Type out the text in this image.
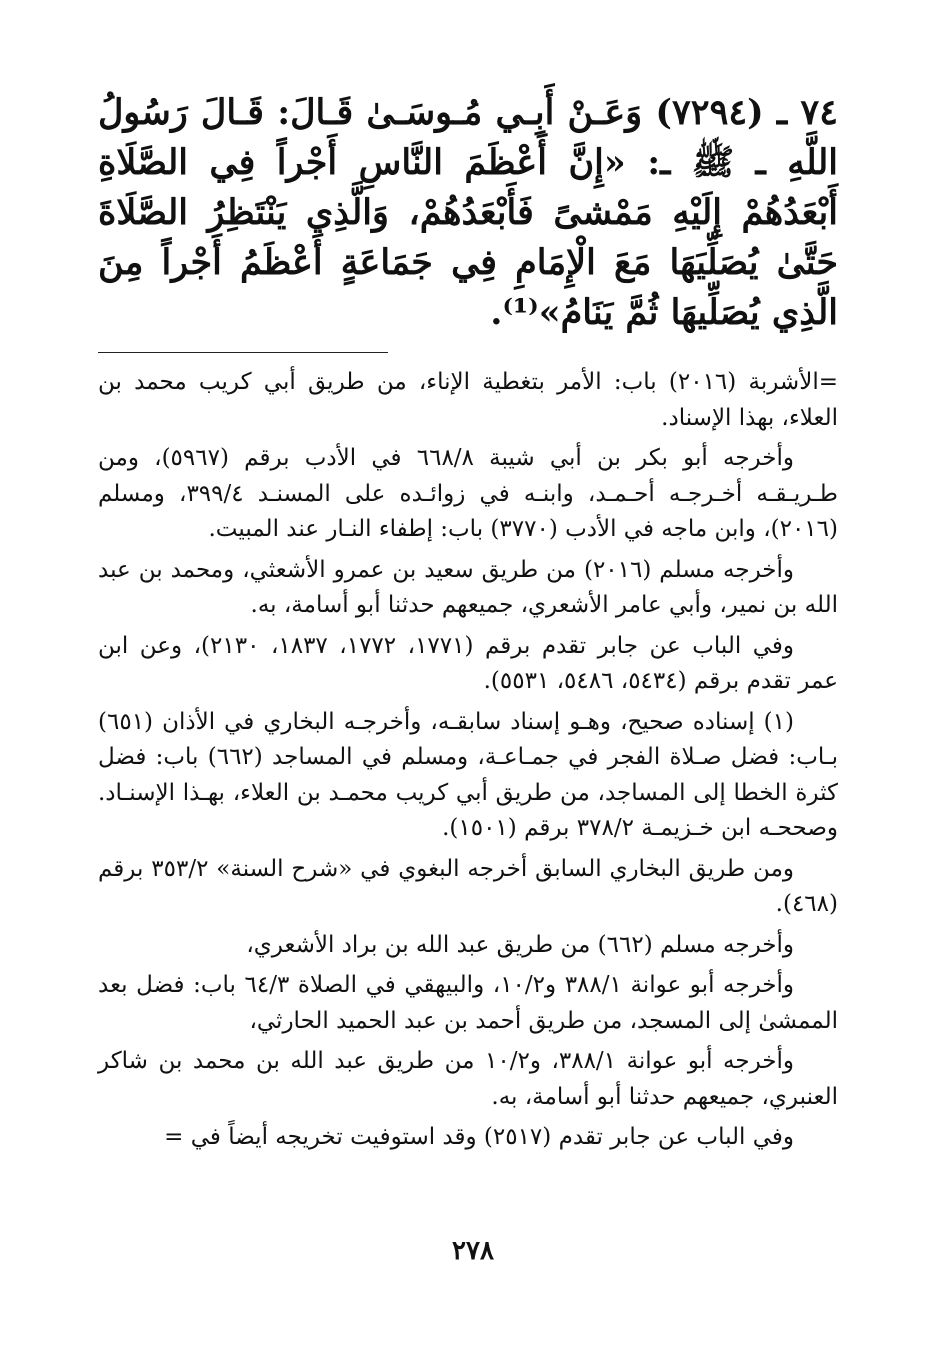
٧٤ ـ (٧٢٩٤) وَعَـنْ أَبِـي مُـوسَـىٰ قَـالَ: قَـالَ رَسُولُ اللَّهِ ـ ﷺ ـ: «إِنَّ أَعْظَمَ النَّاسِ أَجْراً فِي الصَّلَاةِ أَبْعَدُهُمْ إِلَيْهِ مَمْشىً فَأَبْعَدُهُمْ، وَالَّذِي يَنْتَظِرُ الصَّلَاةَ حَتَّىٰ يُصَلِّيَهَا مَعَ الْإِمَامِ فِي جَمَاعَةٍ أَعْظَمُ أَجْراً مِنَ الَّذِي يُصَلِّيهَا ثُمَّ يَنَامُ»⁽¹⁾.

=الأشربة (٢٠١٦) باب: الأمر بتغطية الإناء، من طريق أبي كريب محمد بن العلاء، بهذا الإسناد.

وأخرجه أبو بكر بن أبي شيبة ٦٦٨/٨ في الأدب برقم (٥٩٦٧)، ومن طـريـقـه أخـرجـه أحـمـد، وابنـه في زوائـده على المسنـد ٣٩٩/٤، ومسلم (٢٠١٦)، وابن ماجه في الأدب (٣٧٧٠) باب: إطفاء النـار عند المبيت.

وأخرجه مسلم (٢٠١٦) من طريق سعيد بن عمرو الأشعثي، ومحمد بن عبد الله بن نمير، وأبي عامر الأشعري، جميعهم حدثنا أبو أسامة، به.

وفي الباب عن جابر تقدم برقم (١٧٧١، ١٧٧٢، ١٨٣٧، ٢١٣٠)، وعن ابن عمر تقدم برقم (٥٤٣٤، ٥٤٨٦، ٥٥٣١).

(١) إسناده صحيح، وهـو إسناد سابقـه، وأخرجـه البخاري في الأذان (٦٥١) بـاب: فضل صـلاة الفجر في جمـاعـة، ومسلم في المساجد (٦٦٢) باب: فضل كثرة الخطا إلى المساجد، من طريق أبي كريب محمـد بن العلاء، بهـذا الإسنـاد. وصححـه ابن خـزيمـة ٣٧٨/٢ برقم (١٥٠١).

ومن طريق البخاري السابق أخرجه البغوي في «شرح السنة» ٣٥٣/٢ برقم (٤٦٨).

وأخرجه مسلم (٦٦٢) من طريق عبد الله بن براد الأشعري،

وأخرجه أبو عوانة ٣٨٨/١ و١٠/٢، والبيهقي في الصلاة ٦٤/٣ باب: فضل بعد الممشىٰ إلى المسجد، من طريق أحمد بن عبد الحميد الحارثي،

وأخرجه أبو عوانة ٣٨٨/١، و١٠/٢ من طريق عبد الله بن محمد بن شاكر العنبري، جميعهم حدثنا أبو أسامة، به.

وفي الباب عن جابر تقدم (٢٥١٧) وقد استوفيت تخريجه أيضاً في =

٢٧٨
